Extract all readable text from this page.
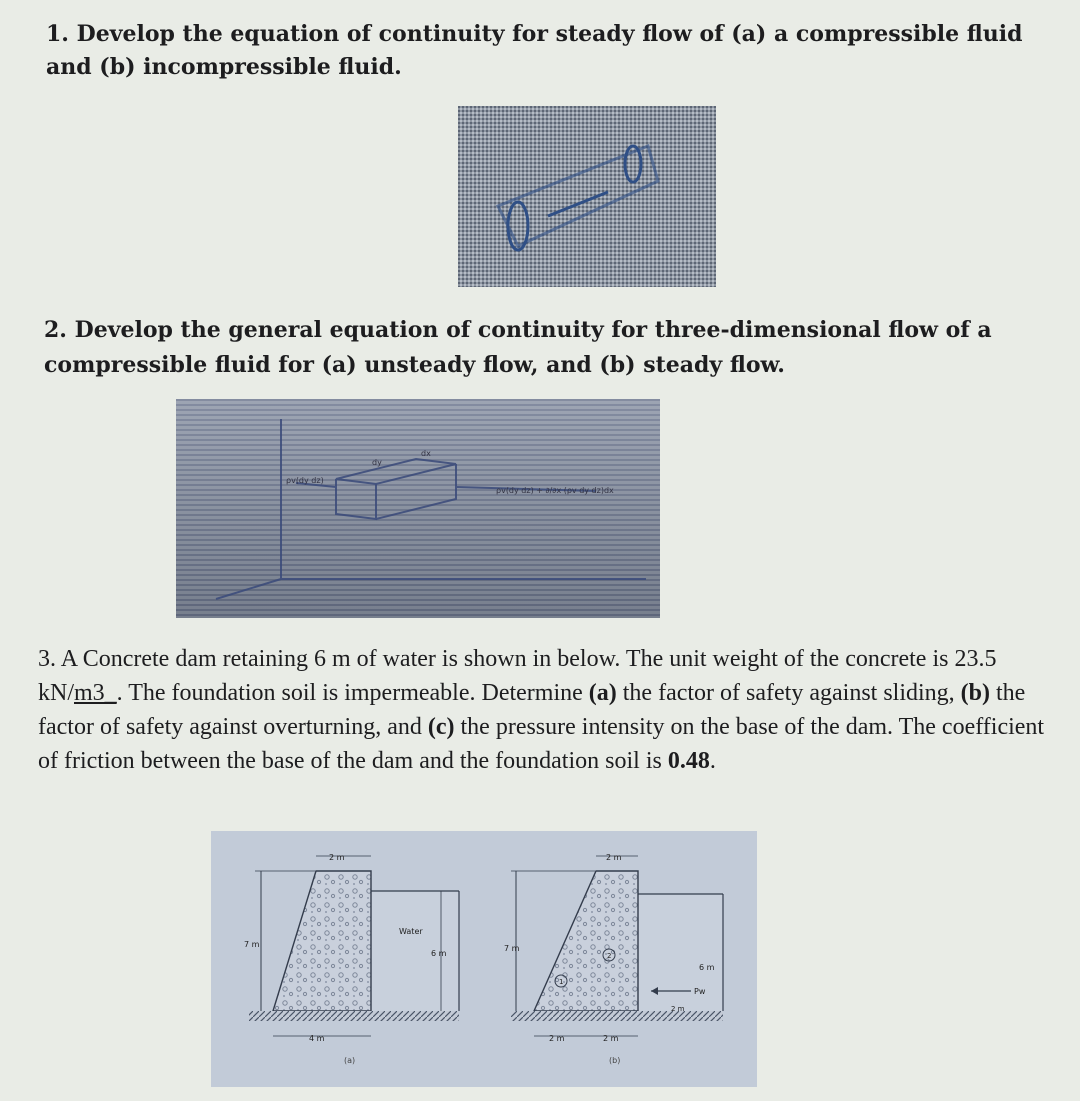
1. Develop the equation of continuity for steady flow of (a) a compressible fluid and (b) incompressible fluid.

2. Develop the general equation of continuity for three-dimensional flow of a compressible fluid for (a) unsteady flow, and (b) steady flow.

ρv(dy dz)
ρv(dy dz) + ∂/∂x (ρv dy dz)dx
dx
dy

3. A Concrete dam retaining 6 m of water is shown in below. The unit weight of the concrete is 23.5 kN/m3_. The foundation soil is impermeable. Determine (a) the factor of safety against sliding, (b) the factor of safety against overturning, and (c) the pressure intensity on the base of the dam. The coefficient of friction between the base of the dam and the foundation soil is 0.48.

2 m
7 m
Water
6 m
4 m
(a)
1
2
2 m
7 m
6 m
Pw
2 m
2 m	2 m
(b)
